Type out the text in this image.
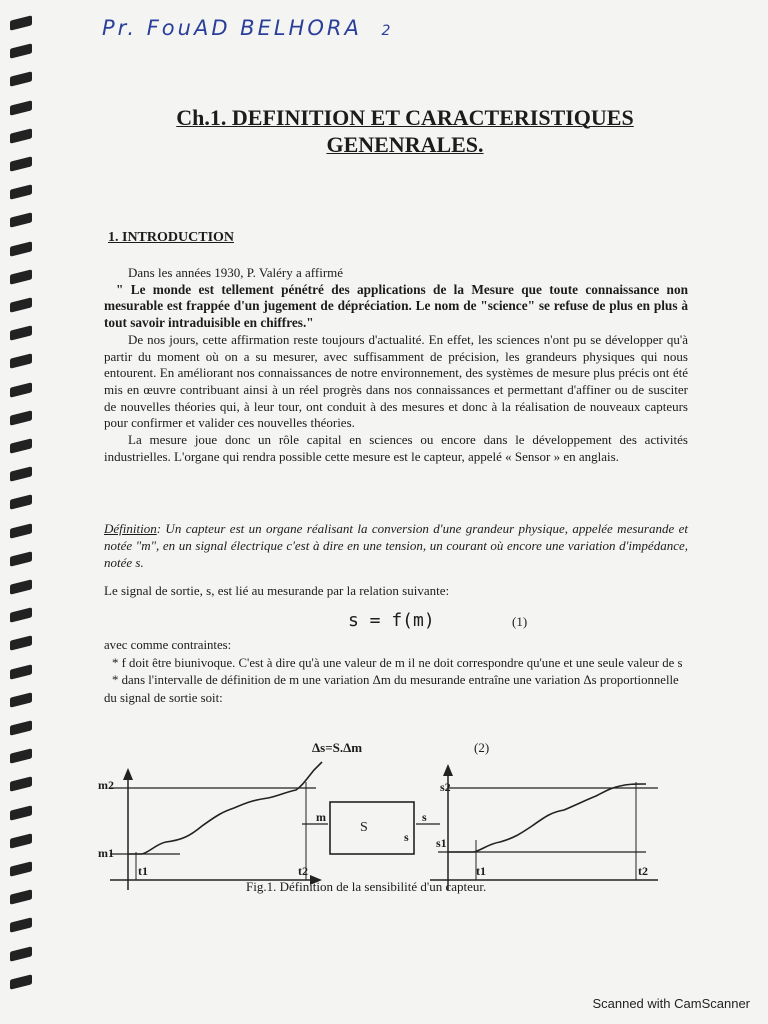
Pr. FouAD BELHORA 2
Ch.1. DEFINITION ET CARACTERISTIQUES
GENENRALES.
1. INTRODUCTION

Dans les années 1930, P. Valéry a affirmé

" Le monde est tellement pénétré des applications de la Mesure que toute connaissance non mesurable est frappée d'un jugement de dépréciation. Le nom de "science" se refuse de plus en plus à tout savoir intraduisible en chiffres."

De nos jours, cette affirmation reste toujours d'actualité. En effet, les sciences n'ont pu se développer qu'à partir du moment où on a su mesurer, avec suffisamment de précision, les grandeurs physiques qui nous entourent. En améliorant nos connaissances de notre environnement, des systèmes de mesure plus précis ont été mis en œuvre contribuant ainsi à un réel progrès dans nos connaissances et permettant d'affiner ou de susciter de nouvelles théories qui, à leur tour, ont conduit à des mesures et donc à la réalisation de nouveaux capteurs pour confirmer et valider ces nouvelles théories.

La mesure joue donc un rôle capital en sciences ou encore dans le développement des activités industrielles. L'organe qui rendra possible cette mesure est le capteur, appelé « Sensor » en anglais.

Définition: Un capteur est un organe réalisant la conversion d'une grandeur physique, appelée mesurande et notée "m", en un signal électrique c'est à dire en une tension, un courant où encore une variation d'impédance, notée s.
Le signal de sortie, s, est lié au mesurande par la relation suivante:
s = f(m)	(1)

avec comme contraintes:

* f doit être biunivoque. C'est à dire qu'à une valeur de m il ne doit correspondre qu'une et une seule valeur de s

* dans l'intervalle de définition de m une variation Δm du mesurande entraîne une variation Δs proportionnelle du signal de sortie soit:

Δs=S.Δm	(2)
m2
m1
t1	t2
m
S
s
s
s2
s1
t1	t2
Fig.1. Définition de la sensibilité d'un capteur.
Scanned with CamScanner
